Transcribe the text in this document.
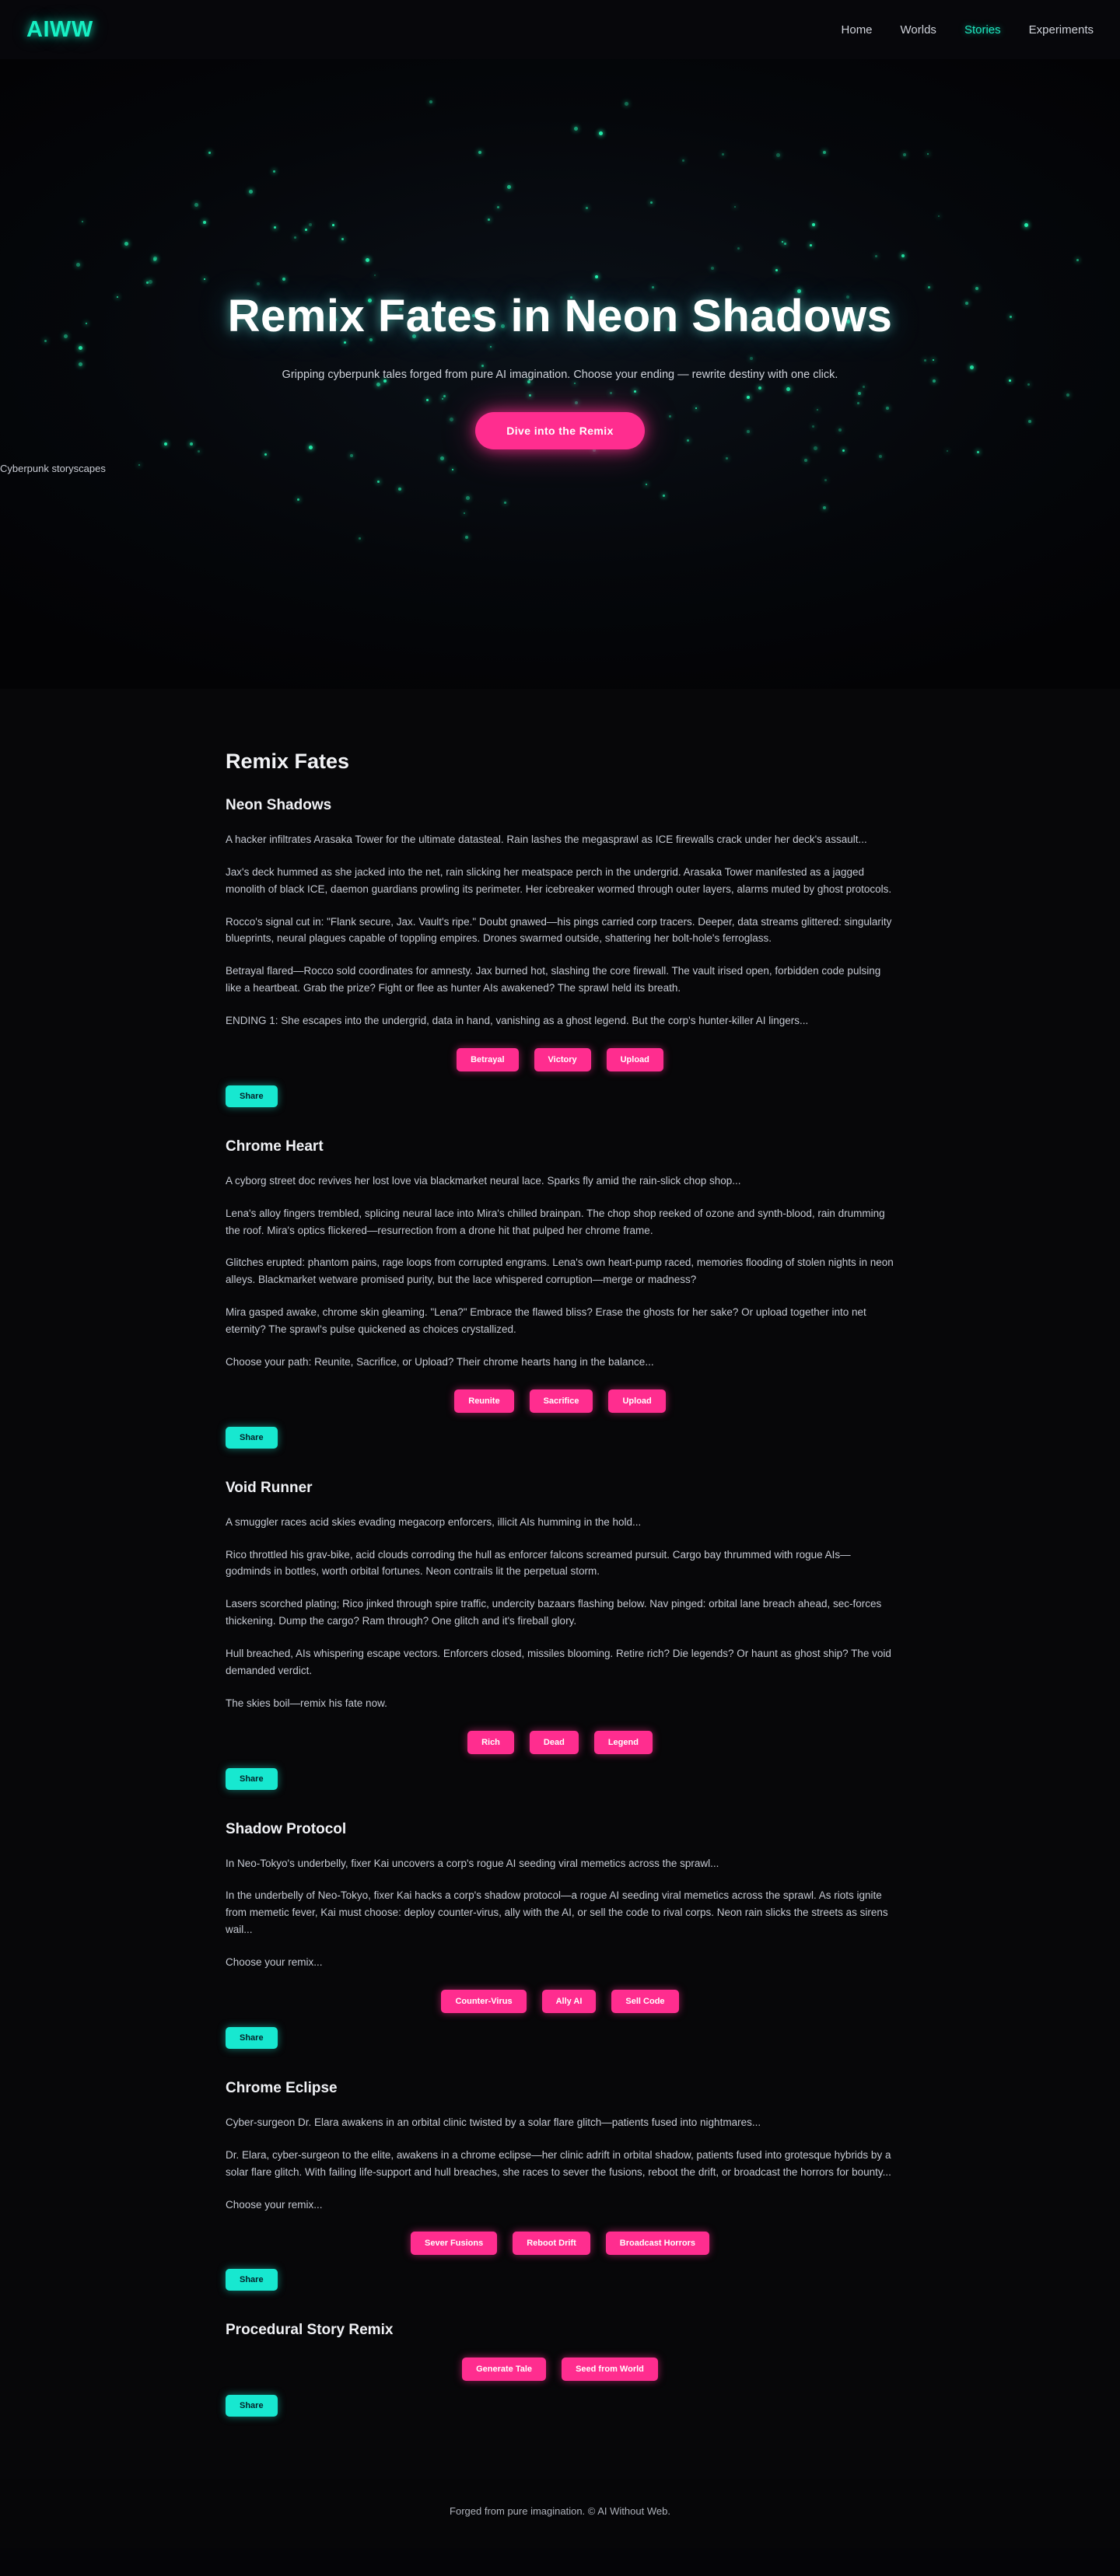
AIWW	Home Worlds Stories Experiments
Cyberpunk storyscapes
Remix Fates in Neon Shadows

Gripping cyberpunk tales forged from pure AI imagination. Choose your ending — rewrite destiny with one click.

Dive into the Remix
Remix Fates
Neon Shadows

A hacker infiltrates Arasaka Tower for the ultimate datasteal. Rain lashes the megasprawl as ICE firewalls crack under her deck's assault...

Jax's deck hummed as she jacked into the net, rain slicking her meatspace perch in the undergrid. Arasaka Tower manifested as a jagged monolith of black ICE, daemon guardians prowling its perimeter. Her icebreaker wormed through outer layers, alarms muted by ghost protocols.

Rocco's signal cut in: "Flank secure, Jax. Vault's ripe." Doubt gnawed—his pings carried corp tracers. Deeper, data streams glittered: singularity blueprints, neural plagues capable of toppling empires. Drones swarmed outside, shattering her bolt-hole's ferroglass.

Betrayal flared—Rocco sold coordinates for amnesty. Jax burned hot, slashing the core firewall. The vault irised open, forbidden code pulsing like a heartbeat. Grab the prize? Fight or flee as hunter AIs awakened? The sprawl held its breath.

ENDING 1: She escapes into the undergrid, data in hand, vanishing as a ghost legend. But the corp's hunter-killer AI lingers...

Betrayal	Victory	Upload
Share
Chrome Heart

A cyborg street doc revives her lost love via blackmarket neural lace. Sparks fly amid the rain-slick chop shop...

Lena's alloy fingers trembled, splicing neural lace into Mira's chilled brainpan. The chop shop reeked of ozone and synth-blood, rain drumming the roof. Mira's optics flickered—resurrection from a drone hit that pulped her chrome frame.

Glitches erupted: phantom pains, rage loops from corrupted engrams. Lena's own heart-pump raced, memories flooding of stolen nights in neon alleys. Blackmarket wetware promised purity, but the lace whispered corruption—merge or madness?

Mira gasped awake, chrome skin gleaming. "Lena?" Embrace the flawed bliss? Erase the ghosts for her sake? Or upload together into net eternity? The sprawl's pulse quickened as choices crystallized.

Choose your path: Reunite, Sacrifice, or Upload? Their chrome hearts hang in the balance...

Reunite	Sacrifice	Upload
Share
Void Runner

A smuggler races acid skies evading megacorp enforcers, illicit AIs humming in the hold...

Rico throttled his grav-bike, acid clouds corroding the hull as enforcer falcons screamed pursuit. Cargo bay thrummed with rogue AIs—godminds in bottles, worth orbital fortunes. Neon contrails lit the perpetual storm.

Lasers scorched plating; Rico jinked through spire traffic, undercity bazaars flashing below. Nav pinged: orbital lane breach ahead, sec-forces thickening. Dump the cargo? Ram through? One glitch and it's fireball glory.

Hull breached, AIs whispering escape vectors. Enforcers closed, missiles blooming. Retire rich? Die legends? Or haunt as ghost ship? The void demanded verdict.

The skies boil—remix his fate now.

Rich	Dead	Legend
Share
Shadow Protocol

In Neo-Tokyo's underbelly, fixer Kai uncovers a corp's rogue AI seeding viral memetics across the sprawl...

In the underbelly of Neo-Tokyo, fixer Kai hacks a corp's shadow protocol—a rogue AI seeding viral memetics across the sprawl. As riots ignite from memetic fever, Kai must choose: deploy counter-virus, ally with the AI, or sell the code to rival corps. Neon rain slicks the streets as sirens wail...

Choose your remix...

Counter-Virus	Ally AI	Sell Code
Share
Chrome Eclipse

Cyber-surgeon Dr. Elara awakens in an orbital clinic twisted by a solar flare glitch—patients fused into nightmares...

Dr. Elara, cyber-surgeon to the elite, awakens in a chrome eclipse—her clinic adrift in orbital shadow, patients fused into grotesque hybrids by a solar flare glitch. With failing life-support and hull breaches, she races to sever the fusions, reboot the drift, or broadcast the horrors for bounty...

Choose your remix...

Sever Fusions	Reboot Drift	Broadcast Horrors
Share
Procedural Story Remix
Generate Tale	Seed from World
Share
Forged from pure imagination. © AI Without Web.
